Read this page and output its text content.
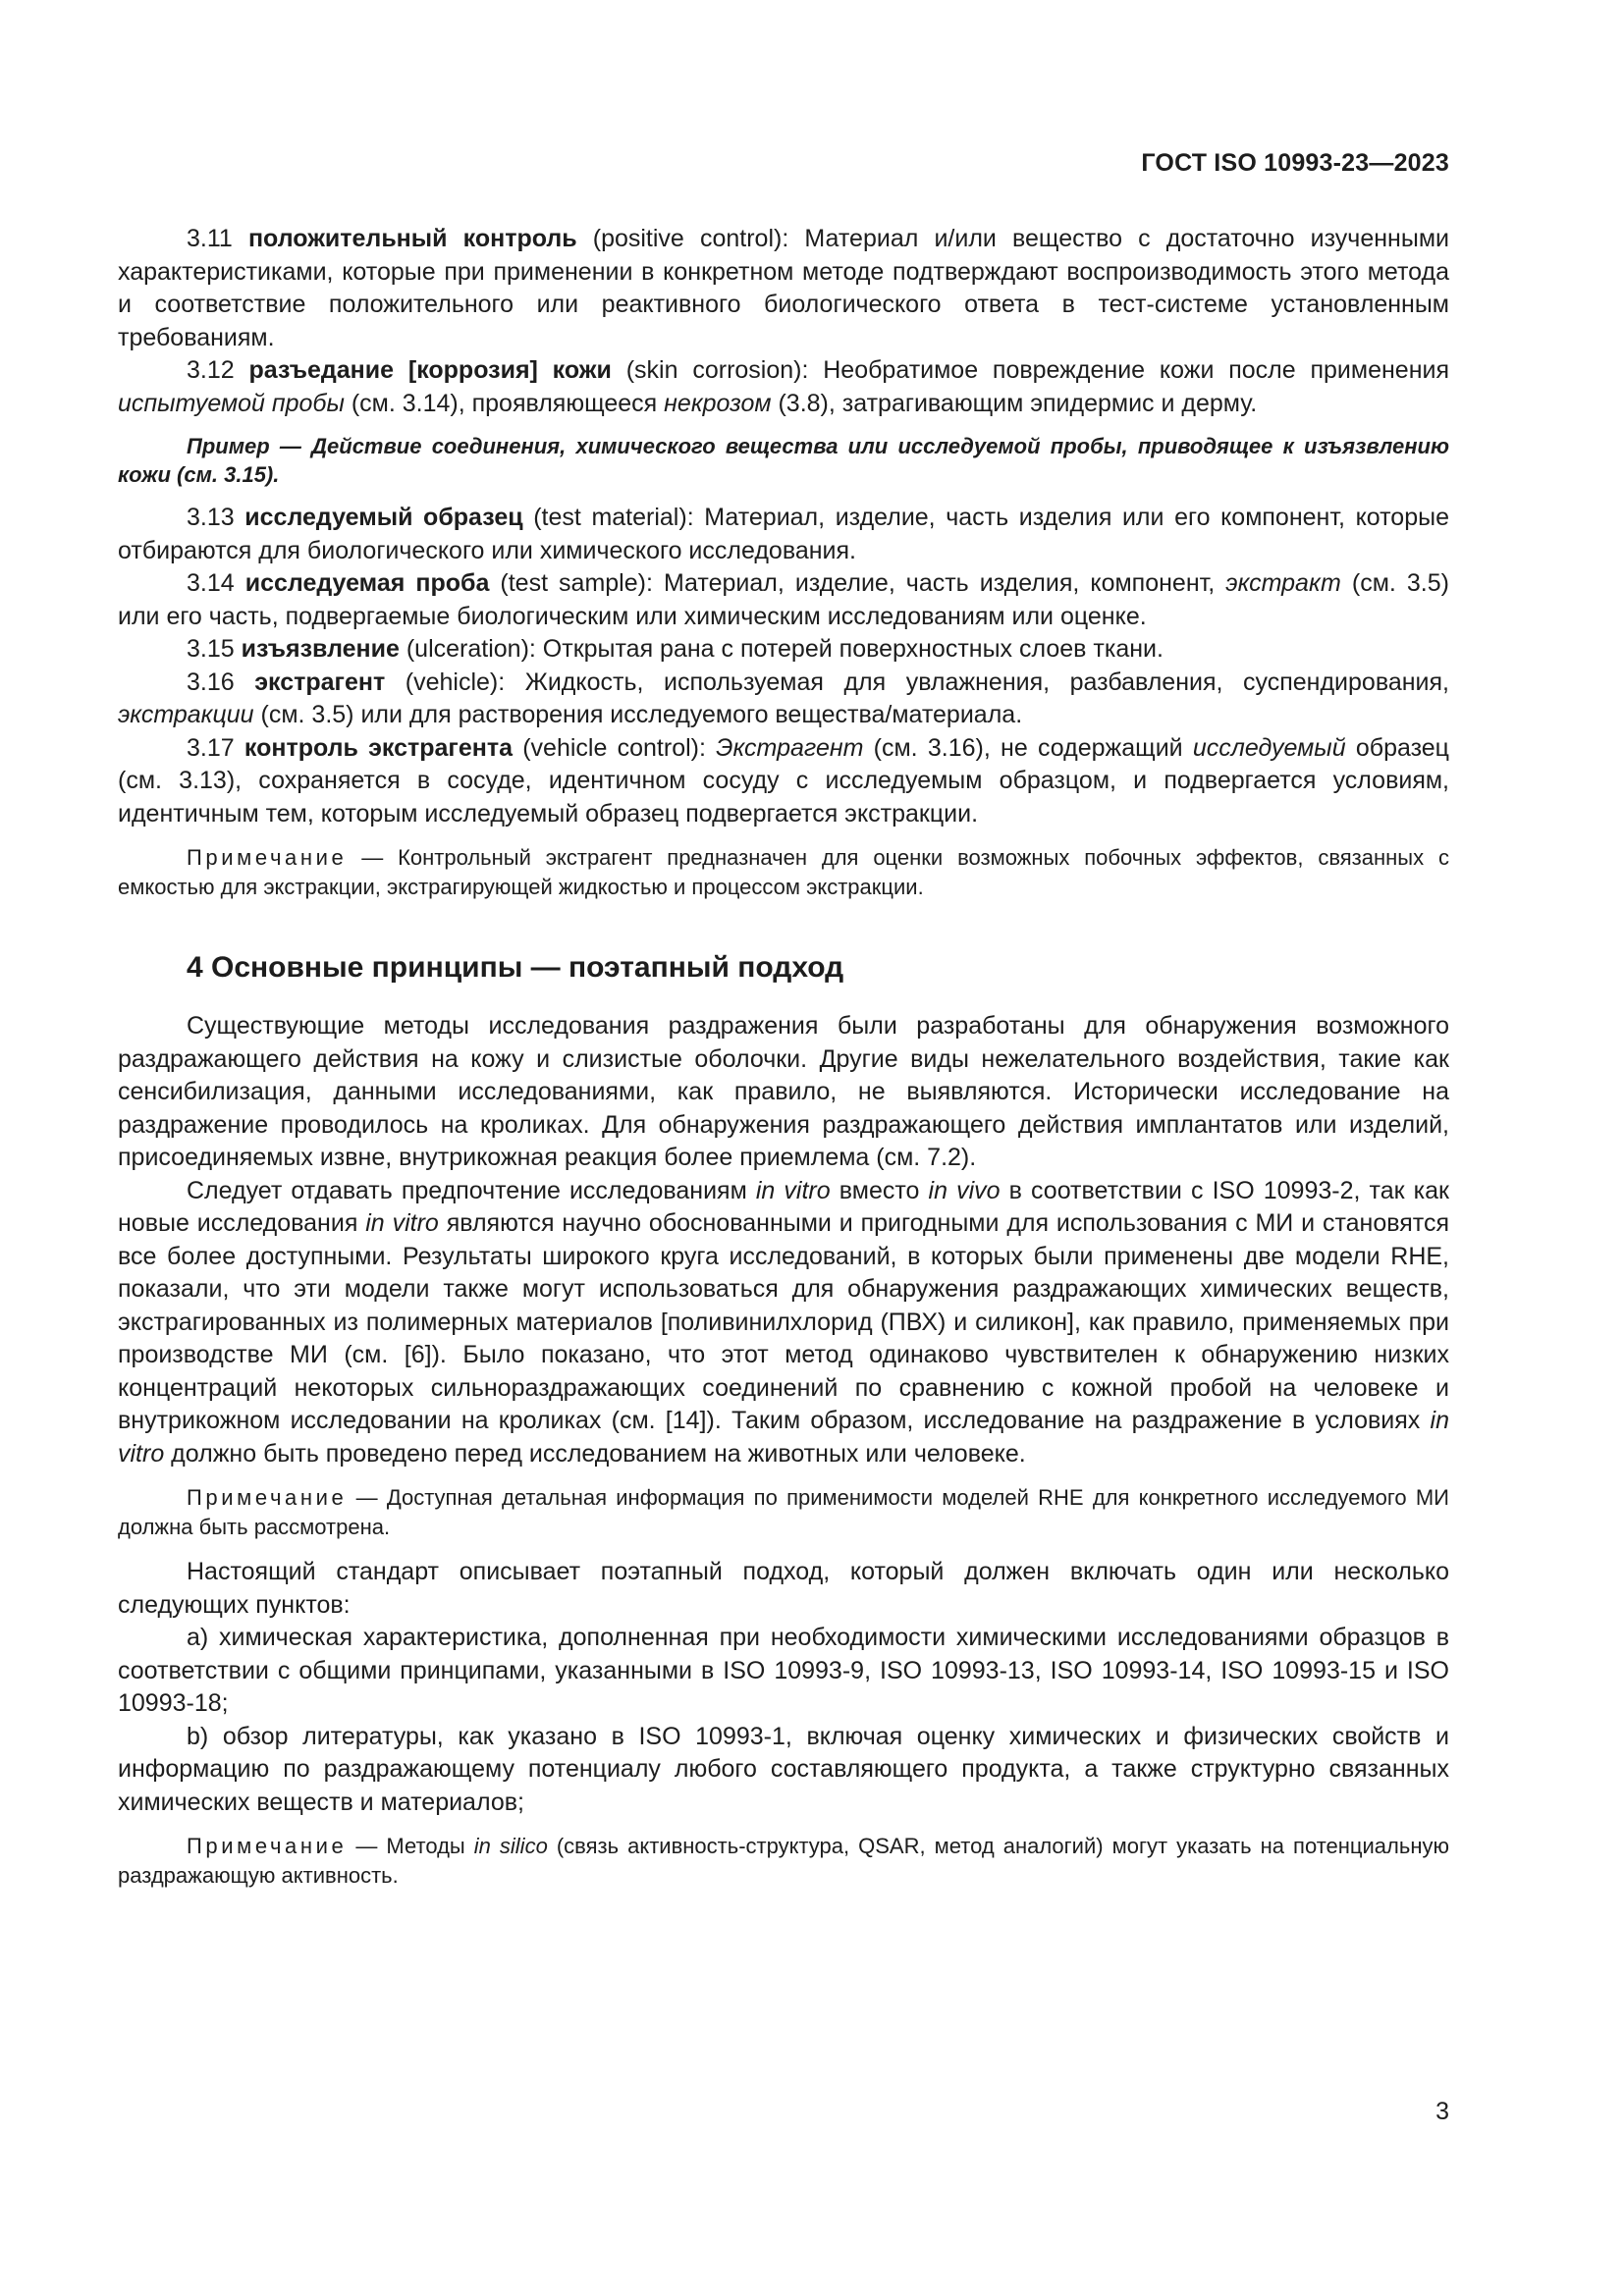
ГОСТ ISO 10993-23—2023

3.11 положительный контроль (positive control): Материал и/или вещество с достаточно изученными характеристиками, которые при применении в конкретном методе подтверждают воспроизводимость этого метода и соответствие положительного или реактивного биологического ответа в тест-системе установленным требованиям.

3.12 разъедание [коррозия] кожи (skin corrosion): Необратимое повреждение кожи после применения испытуемой пробы (см. 3.14), проявляющееся некрозом (3.8), затрагивающим эпидермис и дерму.

Пример — Действие соединения, химического вещества или исследуемой пробы, приводящее к изъязвлению кожи (см. 3.15).

3.13 исследуемый образец (test material): Материал, изделие, часть изделия или его компонент, которые отбираются для биологического или химического исследования.

3.14 исследуемая проба (test sample): Материал, изделие, часть изделия, компонент, экстракт (см. 3.5) или его часть, подвергаемые биологическим или химическим исследованиям или оценке.

3.15 изъязвление (ulceration): Открытая рана с потерей поверхностных слоев ткани.

3.16 экстрагент (vehicle): Жидкость, используемая для увлажнения, разбавления, суспендирования, экстракции (см. 3.5) или для растворения исследуемого вещества/материала.

3.17 контроль экстрагента (vehicle control): Экстрагент (см. 3.16), не содержащий исследуемый образец (см. 3.13), сохраняется в сосуде, идентичном сосуду с исследуемым образцом, и подвергается условиям, идентичным тем, которым исследуемый образец подвергается экстракции.

Примечание — Контрольный экстрагент предназначен для оценки возможных побочных эффектов, связанных с емкостью для экстракции, экстрагирующей жидкостью и процессом экстракции.

4 Основные принципы — поэтапный подход

Существующие методы исследования раздражения были разработаны для обнаружения возможного раздражающего действия на кожу и слизистые оболочки. Другие виды нежелательного воздействия, такие как сенсибилизация, данными исследованиями, как правило, не выявляются. Исторически исследование на раздражение проводилось на кроликах. Для обнаружения раздражающего действия имплантатов или изделий, присоединяемых извне, внутрикожная реакция более приемлема (см. 7.2).

Следует отдавать предпочтение исследованиям in vitro вместо in vivo в соответствии с ISO 10993-2, так как новые исследования in vitro являются научно обоснованными и пригодными для использования с МИ и становятся все более доступными. Результаты широкого круга исследований, в которых были применены две модели RHE, показали, что эти модели также могут использоваться для обнаружения раздражающих химических веществ, экстрагированных из полимерных материалов [поливинилхлорид (ПВХ) и силикон], как правило, применяемых при производстве МИ (см. [6]). Было показано, что этот метод одинаково чувствителен к обнаружению низких концентраций некоторых сильнораздражающих соединений по сравнению с кожной пробой на человеке и внутрикожном исследовании на кроликах (см. [14]). Таким образом, исследование на раздражение в условиях in vitro должно быть проведено перед исследованием на животных или человеке.

Примечание — Доступная детальная информация по применимости моделей RHE для конкретного исследуемого МИ должна быть рассмотрена.

Настоящий стандарт описывает поэтапный подход, который должен включать один или несколько следующих пунктов:

а) химическая характеристика, дополненная при необходимости химическими исследованиями образцов в соответствии с общими принципами, указанными в ISO 10993-9, ISO 10993-13, ISO 10993-14, ISO 10993-15 и ISO 10993-18;

b) обзор литературы, как указано в ISO 10993-1, включая оценку химических и физических свойств и информацию по раздражающему потенциалу любого составляющего продукта, а также структурно связанных химических веществ и материалов;

Примечание — Методы in silico (связь активность-структура, QSAR, метод аналогий) могут указать на потенциальную раздражающую активность.

3
